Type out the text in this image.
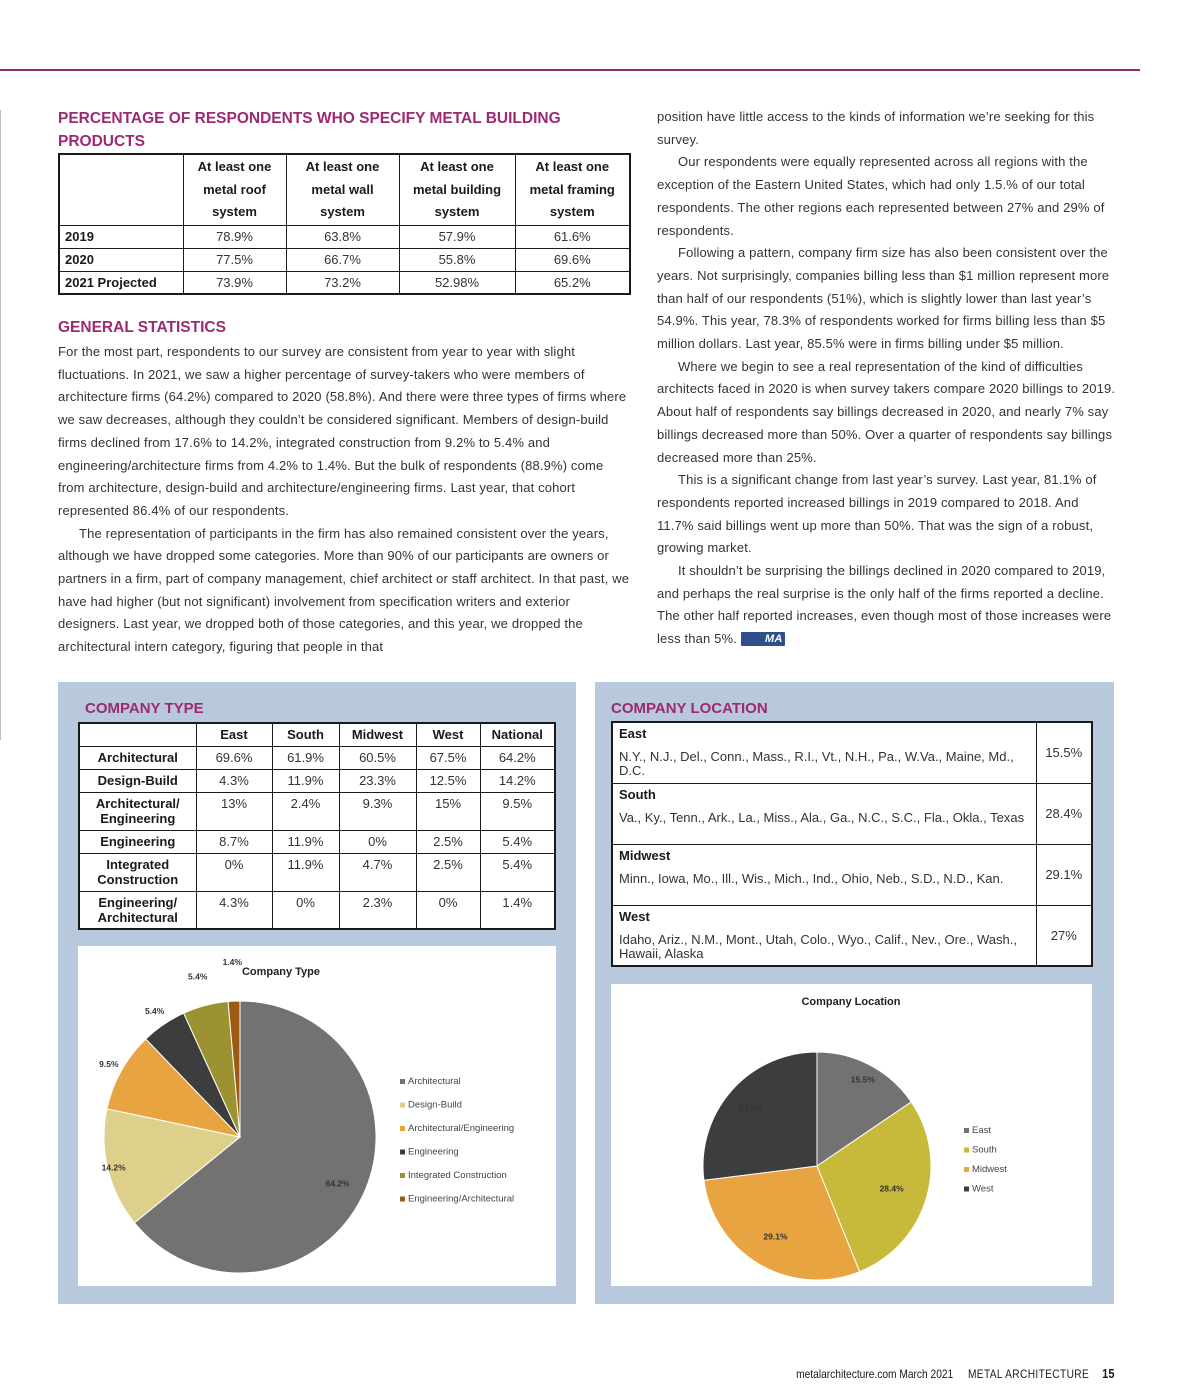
PERCENTAGE OF RESPONDENTS WHO SPECIFY METAL BUILDING PRODUCTS
	At least one metal roof system	At least one metal wall system	At least one metal building system	At least one metal framing system
2019	78.9%	63.8%	57.9%	61.6%
2020	77.5%	66.7%	55.8%	69.6%
2021 Projected	73.9%	73.2%	52.98%	65.2%
GENERAL STATISTICS

For the most part, respondents to our survey are consistent from year to year with slight fluctuations. In 2021, we saw a higher percentage of survey-takers who were members of architecture firms (64.2%) compared to 2020 (58.8%). And there were three types of firms where we saw decreases, although they couldn’t be considered significant. Members of design-build firms declined from 17.6% to 14.2%, integrated construction from 9.2% to 5.4% and engineering/architecture firms from 4.2% to 1.4%. But the bulk of respondents (88.9%) come from architecture, design-build and architecture/engineering firms. Last year, that cohort represented 86.4% of our respondents.

The representation of participants in the firm has also remained consistent over the years, although we have dropped some categories. More than 90% of our participants are owners or partners in a firm, part of company management, chief architect or staff architect. In that past, we have had higher (but not significant) involvement from specification writers and exterior designers. Last year, we dropped both of those categories, and this year, we dropped the architectural intern category, figuring that people in that

position have little access to the kinds of information we’re seeking for this survey.

Our respondents were equally represented across all regions with the exception of the Eastern United States, which had only 1.5.% of our total respondents. The other regions each represented between 27% and 29% of respondents.

Following a pattern, company firm size has also been consistent over the years. Not surprisingly, companies billing less than $1 million represent more than half of our respondents (51%), which is slightly lower than last year’s 54.9%. This year, 78.3% of respondents worked for firms billing less than $5 million dollars. Last year, 85.5% were in firms billing under $5 million.

Where we begin to see a real representation of the kind of difficulties architects faced in 2020 is when survey takers compare 2020 billings to 2019. About half of respondents say billings decreased in 2020, and nearly 7% say billings decreased more than 50%. Over a quarter of respondents say billings decreased more than 25%.

This is a significant change from last year’s survey. Last year, 81.1% of respondents reported increased billings in 2019 compared to 2018. And 11.7% said billings went up more than 50%. That was the sign of a robust, growing market.

It shouldn’t be surprising the billings declined in 2020 compared to 2019, and perhaps the real surprise is the only half of the firms reported a decline. The other half reported increases, even though most of those increases were less than 5%.	MA

COMPANY TYPE
	East	South	Midwest	West	National
Architectural	69.6%	61.9%	60.5%	67.5%	64.2%
Design-Build	4.3%	11.9%	23.3%	12.5%	14.2%
Architectural/ Engineering	13%	2.4%	9.3%	15%	9.5%
Engineering	8.7%	11.9%	0%	2.5%	5.4%
Integrated Construction	0%	11.9%	4.7%	2.5%	5.4%
Engineering/ Architectural	4.3%	0%	2.3%	0%	1.4%
Company Type
64.2%
14.2%
9.5%
5.4%
5.4%
1.4%
Architectural
Design-Build
Architectural/Engineering
Engineering
Integrated Construction
Engineering/Architectural
COMPANY LOCATION
East	15.5%
N.Y., N.J., Del., Conn., Mass., R.I., Vt., N.H., Pa., W.Va., Maine, Md., D.C.	
South	28.4%
Va., Ky., Tenn., Ark., La., Miss., Ala., Ga., N.C., S.C., Fla., Okla., Texas	
Midwest	29.1%
Minn., Iowa, Mo., Ill., Wis., Mich., Ind., Ohio, Neb., S.D., N.D., Kan.	
West	27%
Idaho, Ariz., N.M., Mont., Utah, Colo., Wyo., Calif., Nev., Ore., Wash., Hawaii, Alaska	
Company Location
15.5%
28.4%
29.1%
27.0%
East
South
Midwest
West
metalarchitecture.com March 2021 METAL ARCHITECTURE 15
